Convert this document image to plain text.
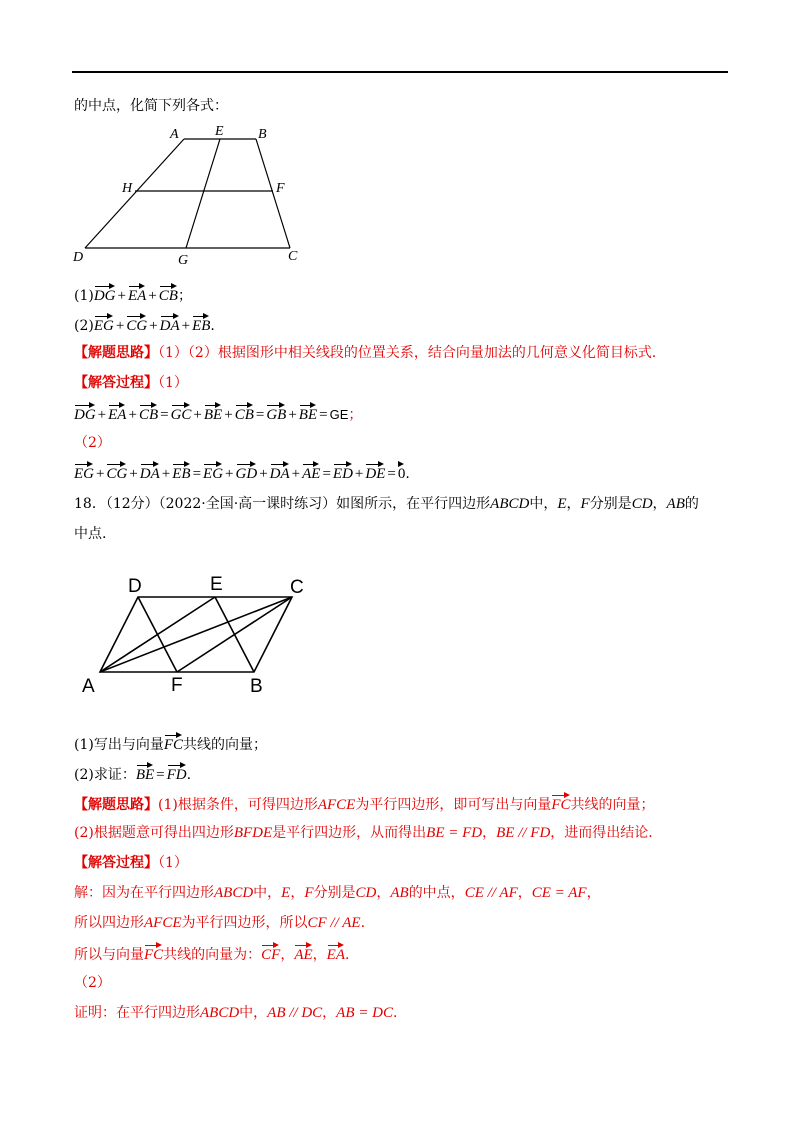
的中点，化简下列各式：
A	E B
H	F
D	G	C
(1)DG + EA + CB；
(2)EG + CG + DA + EB.
【解题思路】（1）（2）根据图形中相关线段的位置关系，结合向量加法的几何意义化简目标式.
【解答过程】（1）
DG + EA + CB = GC + BE + CB = GB + BE = GE；
（2）
EG + CG + DA + EB = EG + GD + DA + AE = ED + DE = 0.
18．（12分）（2022·全国·高一课时练习）如图所示，在平行四边形ABCD中，E，F分别是CD，AB的
中点.
D	E	C
A	F	B
(1)写出与向量FC共线的向量；
(2)求证：BE = FD.
【解题思路】(1)根据条件，可得四边形AFCE为平行四边形，即可写出与向量FC共线的向量；
(2)根据题意可得出四边形BFDE是平行四边形，从而得出BE = FD，BE // FD，进而得出结论.
【解答过程】（1）
解：因为在平行四边形ABCD中，E，F分别是CD，AB的中点，CE // AF，CE = AF，
所以四边形AFCE为平行四边形，所以CF // AE.
所以与向量FC共线的向量为：CF，AE，EA.
（2）
证明：在平行四边形ABCD中，AB // DC，AB = DC.
